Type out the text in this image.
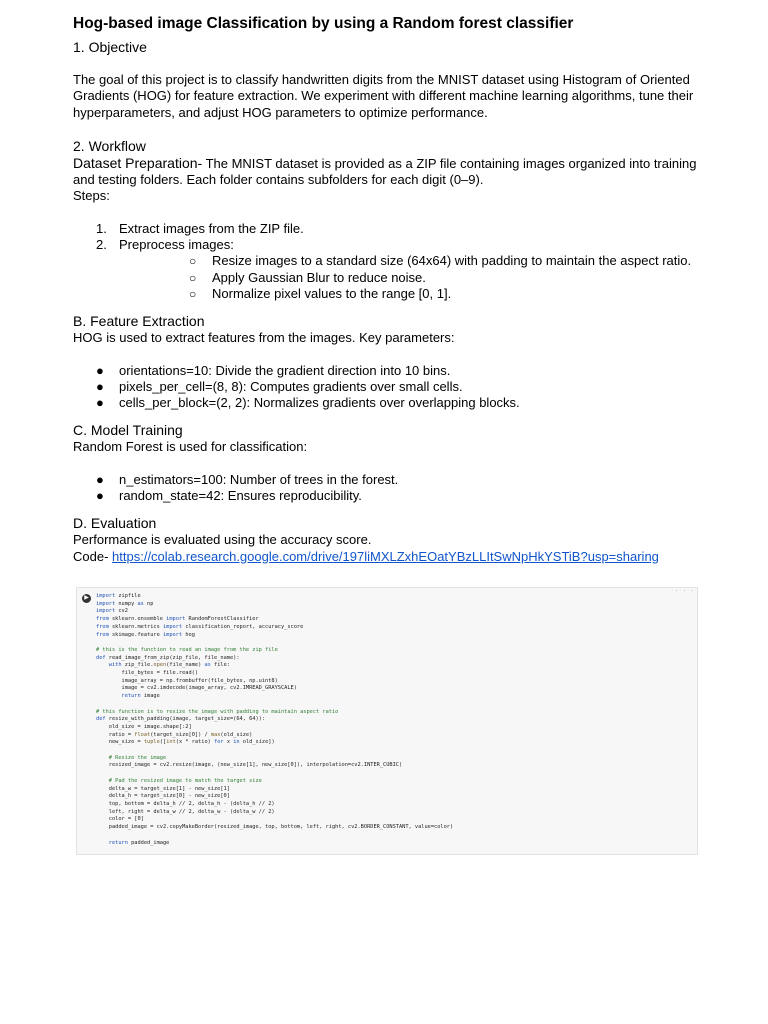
Hog-based image Classification by using a Random forest classifier
1. Objective

The goal of this project is to classify handwritten digits from the MNIST dataset using Histogram of Oriented Gradients (HOG) for feature extraction. We experiment with different machine learning algorithms, tune their hyperparameters, and adjust HOG parameters to optimize performance.

2. Workflow

Dataset Preparation- The MNIST dataset is provided as a ZIP file containing images organized into training and testing folders. Each folder contains subfolders for each digit (0–9).

Steps:

1. Extract images from the ZIP file.
2. Preprocess images:
○ Resize images to a standard size (64x64) with padding to maintain the aspect ratio.
○ Apply Gaussian Blur to reduce noise.
○ Normalize pixel values to the range [0, 1].
B. Feature Extraction

HOG is used to extract features from the images. Key parameters:

● orientations=10: Divide the gradient direction into 10 bins.
● pixels_per_cell=(8, 8): Computes gradients over small cells.
● cells_per_block=(2, 2): Normalizes gradients over overlapping blocks.
C. Model Training

Random Forest is used for classification:

● n_estimators=100: Number of trees in the forest.
● random_state=42: Ensures reproducibility.
D. Evaluation

Performance is evaluated using the accuracy score.

Code- https://colab.research.google.com/drive/197liMXLZxhEOatYBzLLItSwNpHkYSTiB?usp=sharing

▶
· · ·
import zipfile
import numpy as np
import cv2
from sklearn.ensemble import RandomForestClassifier
from sklearn.metrics import classification_report, accuracy_score
from skimage.feature import hog

# this is the function to read an image from the zip file
def read_image_from_zip(zip_file, file_name):
with zip_file.open(file_name) as file:
file_bytes = file.read()
image_array = np.frombuffer(file_bytes, np.uint8)
image = cv2.imdecode(image_array, cv2.IMREAD_GRAYSCALE)
return image

# this function is to resize the image with padding to maintain aspect ratio
def resize_with_padding(image, target_size=(64, 64)):
old_size = image.shape[:2]
ratio = float(target_size[0]) / max(old_size)
new_size = tuple([int(x * ratio) for x in old_size])

# Resize the image
resized_image = cv2.resize(image, (new_size[1], new_size[0]), interpolation=cv2.INTER_CUBIC)

# Pad the resized image to match the target size
delta_w = target_size[1] - new_size[1]
delta_h = target_size[0] - new_size[0]
top, bottom = delta_h // 2, delta_h - (delta_h // 2)
left, right = delta_w // 2, delta_w - (delta_w // 2)
color = [0]
padded_image = cv2.copyMakeBorder(resized_image, top, bottom, left, right, cv2.BORDER_CONSTANT, value=color)

return padded_image
